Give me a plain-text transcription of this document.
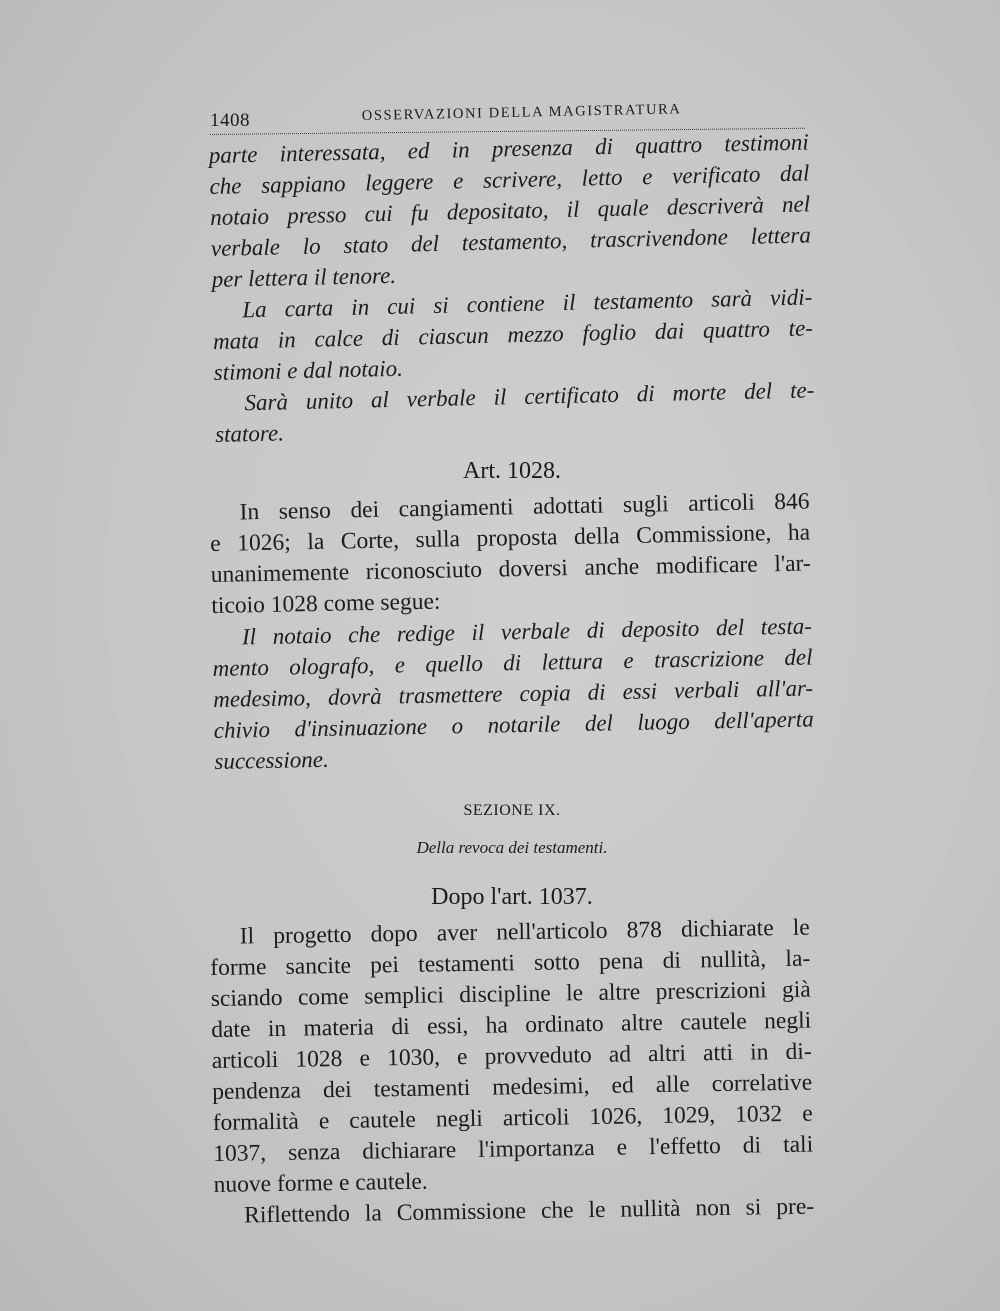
1408	OSSERVAZIONI DELLA MAGISTRATURA
parte interessata, ed in presenza di quattro testimoni
che sappiano leggere e scrivere, letto e verificato dal
notaio presso cui fu depositato, il quale descriverà nel
verbale lo stato del testamento, trascrivendone lettera
per lettera il tenore.
La carta in cui si contiene il testamento sarà vidi-
mata in calce di ciascun mezzo foglio dai quattro te-
stimoni e dal notaio.
Sarà unito al verbale il certificato di morte del te-
statore.
Art. 1028.
In senso dei cangiamenti adottati sugli articoli 846
e 1026; la Corte, sulla proposta della Commissione, ha
unanimemente riconosciuto doversi anche modificare l'ar-
ticoio 1028 come segue:
Il notaio che redige il verbale di deposito del testa-
mento olografo, e quello di lettura e trascrizione del
medesimo, dovrà trasmettere copia di essi verbali all'ar-
chivio d'insinuazione o notarile del luogo dell'aperta
successione.
SEZIONE IX.
Della revoca dei testamenti.
Dopo l'art. 1037.
Il progetto dopo aver nell'articolo 878 dichiarate le
forme sancite pei testamenti sotto pena di nullità, la-
sciando come semplici discipline le altre prescrizioni già
date in materia di essi, ha ordinato altre cautele negli
articoli 1028 e 1030, e provveduto ad altri atti in di-
pendenza dei testamenti medesimi, ed alle correlative
formalità e cautele negli articoli 1026, 1029, 1032 e
1037, senza dichiarare l'importanza e l'effetto di tali
nuove forme e cautele.
Riflettendo la Commissione che le nullità non si pre-
